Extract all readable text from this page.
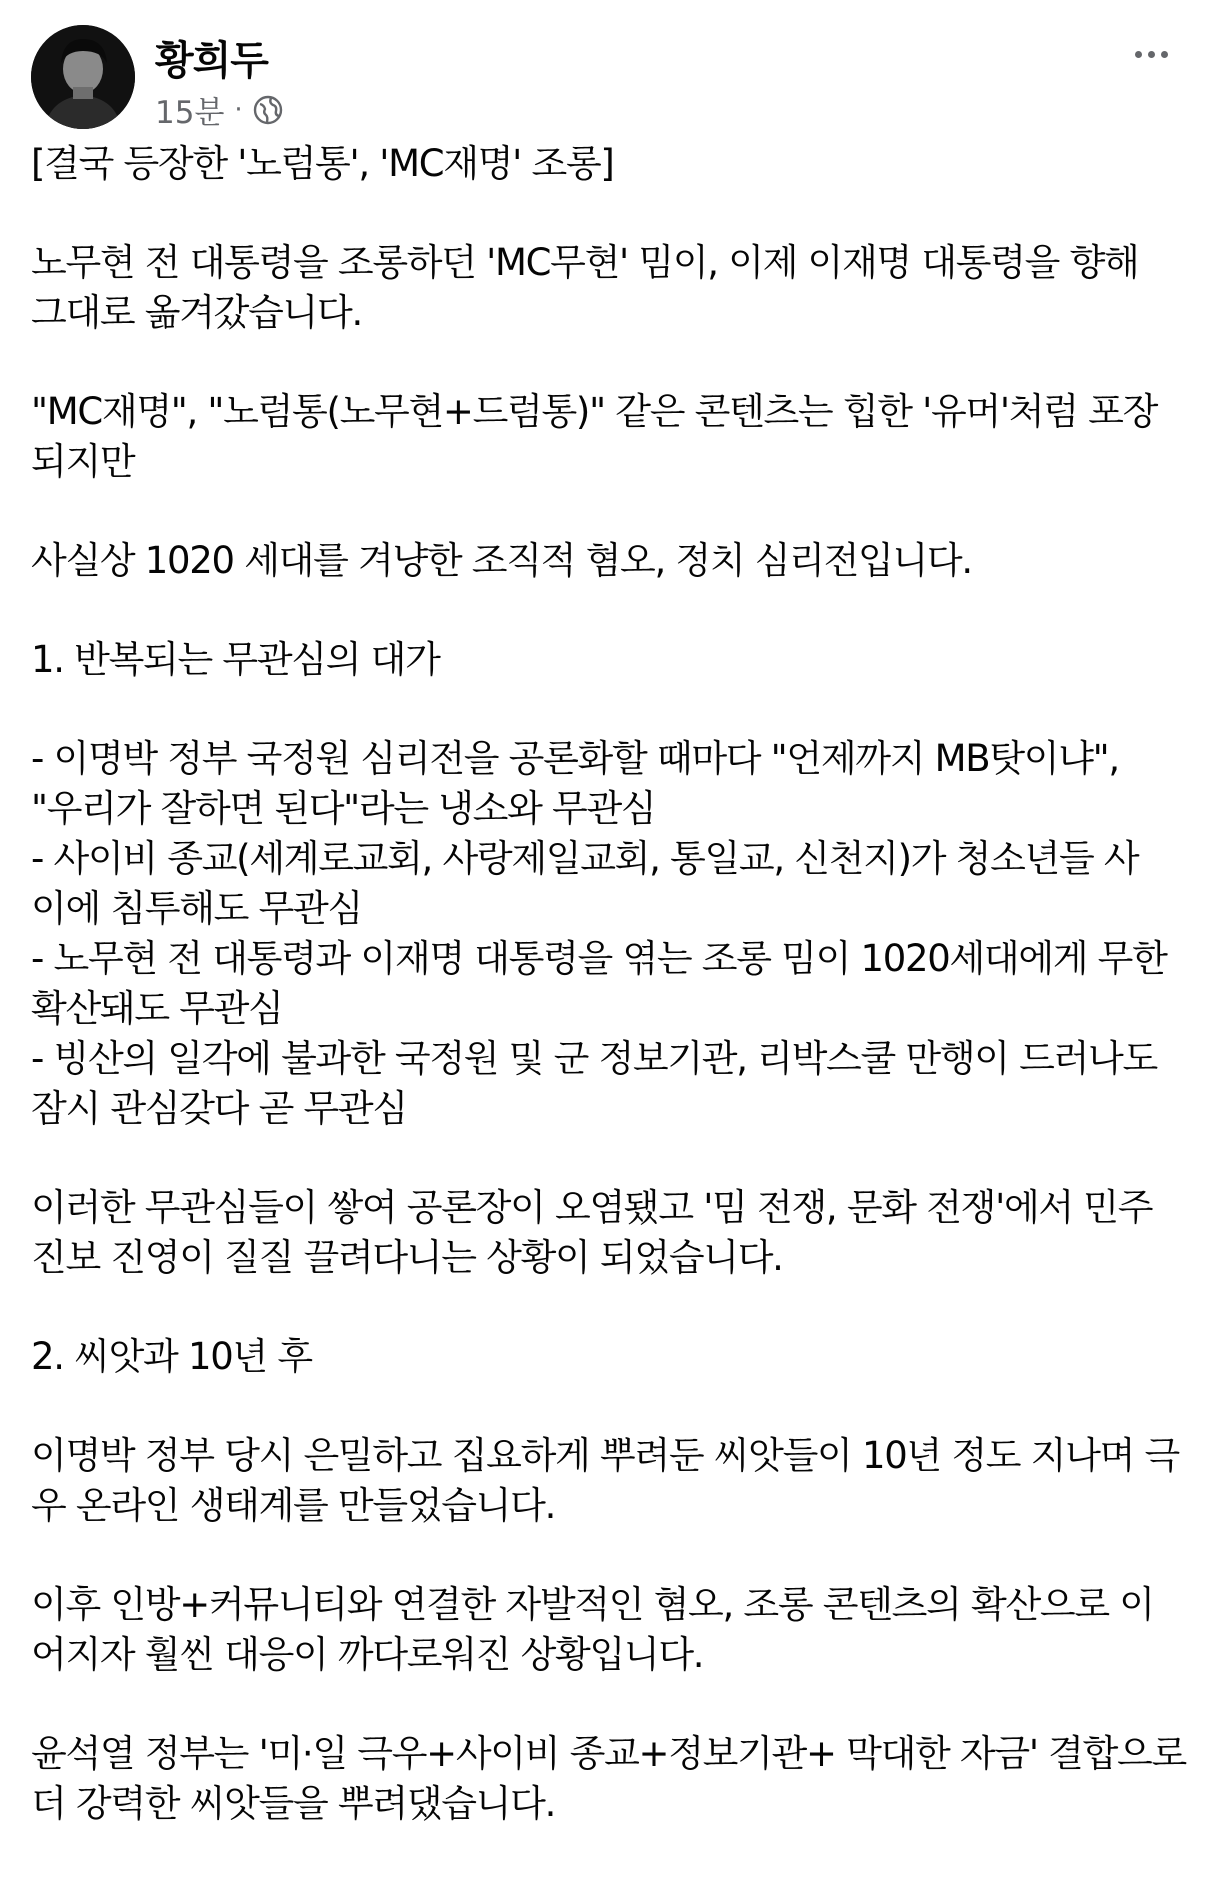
황희두
15분 ·
[결국 등장한 '노럼통', 'MC재명' 조롱]
노무현 전 대통령을 조롱하던 'MC무현' 밈이, 이제 이재명 대통령을 향해
그대로 옮겨갔습니다.
"MC재명", "노럼통(노무현+드럼통)" 같은 콘텐츠는 힙한 '유머'처럼 포장
되지만
사실상 1020 세대를 겨냥한 조직적 혐오, 정치 심리전입니다.
1. 반복되는 무관심의 대가
- 이명박 정부 국정원 심리전을 공론화할 때마다 "언제까지 MB탓이냐",
"우리가 잘하면 된다"라는 냉소와 무관심
- 사이비 종교(세계로교회, 사랑제일교회, 통일교, 신천지)가 청소년들 사
이에 침투해도 무관심
- 노무현 전 대통령과 이재명 대통령을 엮는 조롱 밈이 1020세대에게 무한
확산돼도 무관심
- 빙산의 일각에 불과한 국정원 및 군 정보기관, 리박스쿨 만행이 드러나도
잠시 관심갖다 곧 무관심
이러한 무관심들이 쌓여 공론장이 오염됐고 '밈 전쟁, 문화 전쟁'에서 민주
진보 진영이 질질 끌려다니는 상황이 되었습니다.
2. 씨앗과 10년 후
이명박 정부 당시 은밀하고 집요하게 뿌려둔 씨앗들이 10년 정도 지나며 극
우 온라인 생태계를 만들었습니다.
이후 인방+커뮤니티와 연결한 자발적인 혐오, 조롱 콘텐츠의 확산으로 이
어지자 훨씬 대응이 까다로워진 상황입니다.
윤석열 정부는 '미·일 극우+사이비 종교+정보기관+ 막대한 자금' 결합으로
더 강력한 씨앗들을 뿌려댔습니다.
